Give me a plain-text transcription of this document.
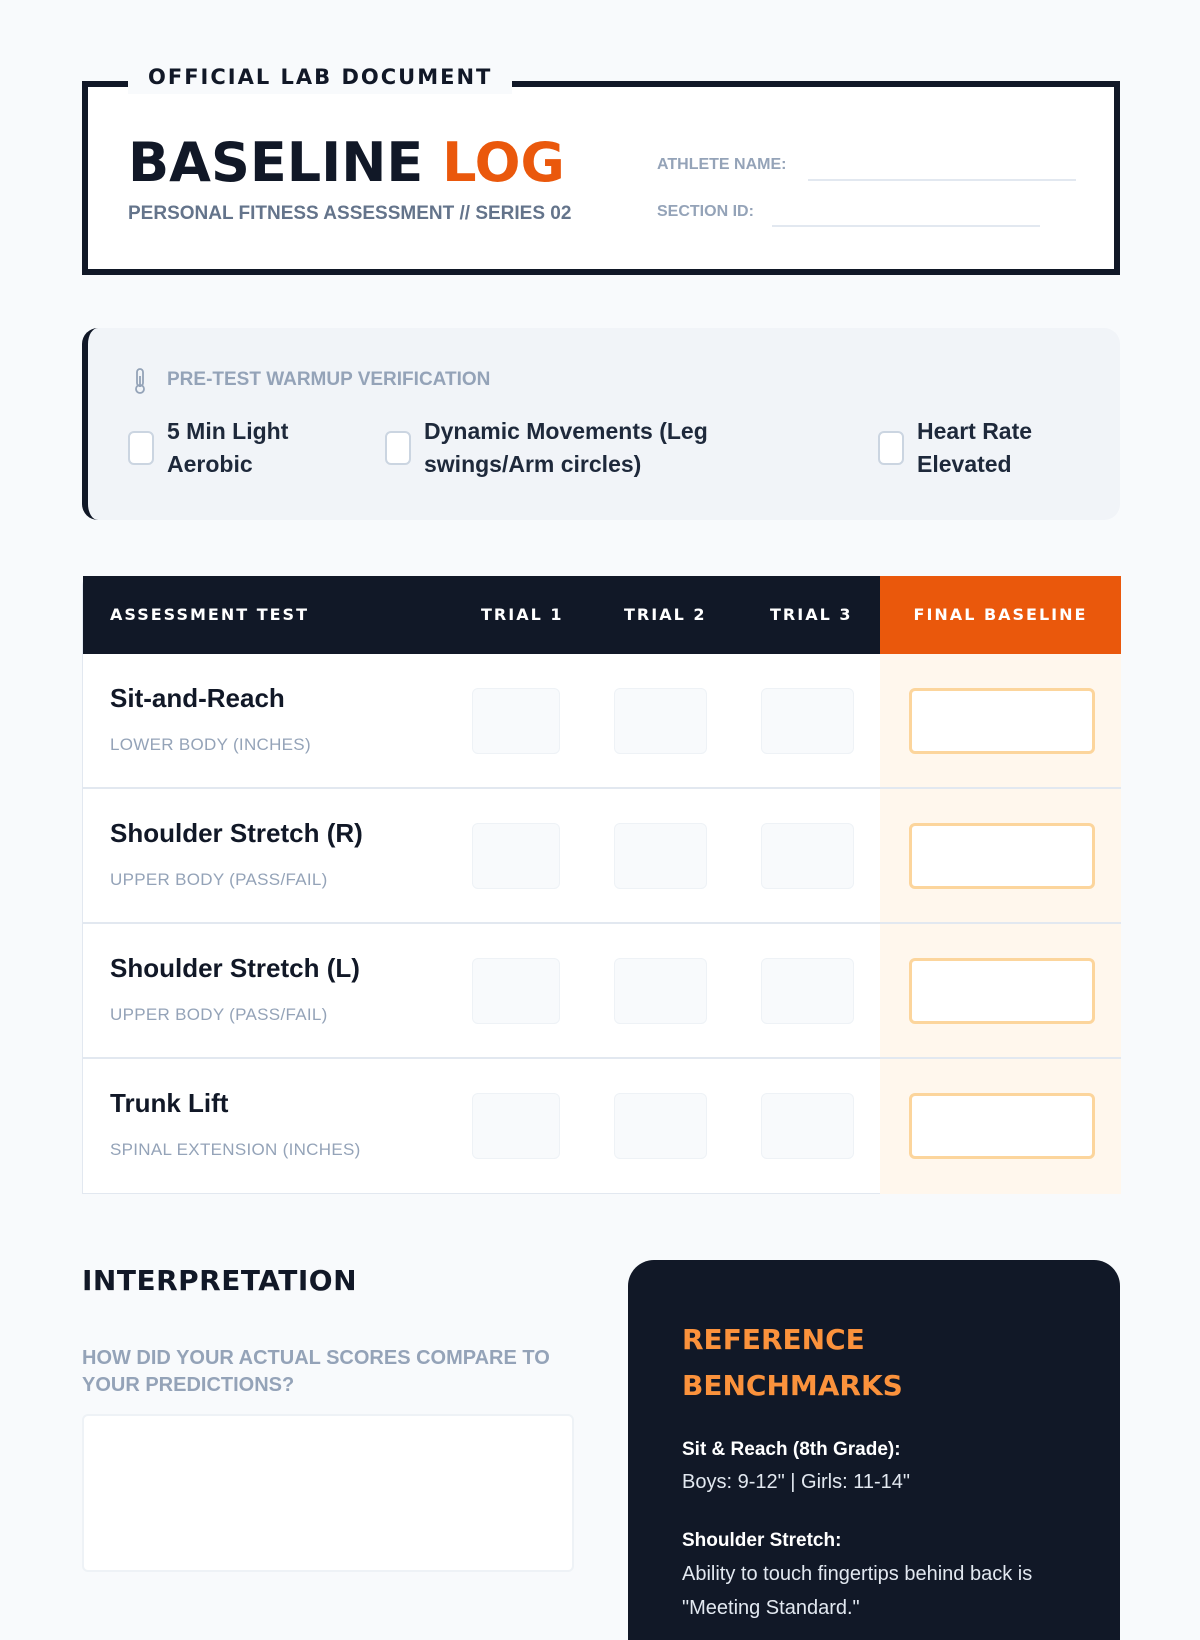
OFFICIAL LAB DOCUMENT
BASELINE LOG
PERSONAL FITNESS ASSESSMENT // SERIES 02
ATHLETE NAME:
SECTION ID:
PRE-TEST WARMUP VERIFICATION
5 Min Light
Aerobic
Dynamic Movements (Leg
swings/Arm circles)
Heart Rate
Elevated
ASSESSMENT TEST	TRIAL 1	TRIAL 2	TRIAL 3	FINAL BASELINE
Sit-and-Reach
LOWER BODY (INCHES)
Shoulder Stretch (R)
UPPER BODY (PASS/FAIL)
Shoulder Stretch (L)
UPPER BODY (PASS/FAIL)
Trunk Lift
SPINAL EXTENSION (INCHES)
INTERPRETATION
HOW DID YOUR ACTUAL SCORES COMPARE TO YOUR PREDICTIONS?
REFERENCE
BENCHMARKS
Sit & Reach (8th Grade):
Boys: 9-12" | Girls: 11-14"
Shoulder Stretch:
Ability to touch fingertips behind back is
"Meeting Standard."
